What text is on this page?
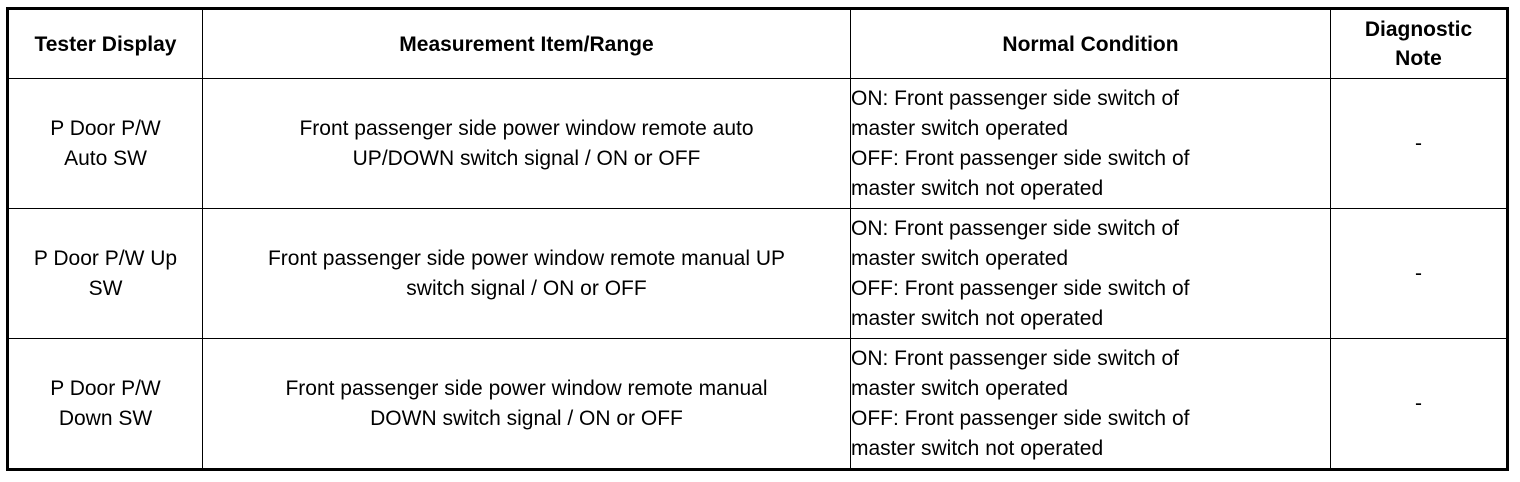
Tester Display	Measurement Item/Range	Normal Condition	Diagnostic
Note

P Door P/W
Auto SW	Front passenger side power window remote auto
UP/DOWN switch signal / ON or OFF	ON: Front passenger side switch of
master switch operated
OFF: Front passenger side switch of
master switch not operated	-

P Door P/W Up
SW	Front passenger side power window remote manual UP
switch signal / ON or OFF	ON: Front passenger side switch of
master switch operated
OFF: Front passenger side switch of
master switch not operated	-

P Door P/W
Down SW	Front passenger side power window remote manual
DOWN switch signal / ON or OFF	ON: Front passenger side switch of
master switch operated
OFF: Front passenger side switch of
master switch not operated	-
